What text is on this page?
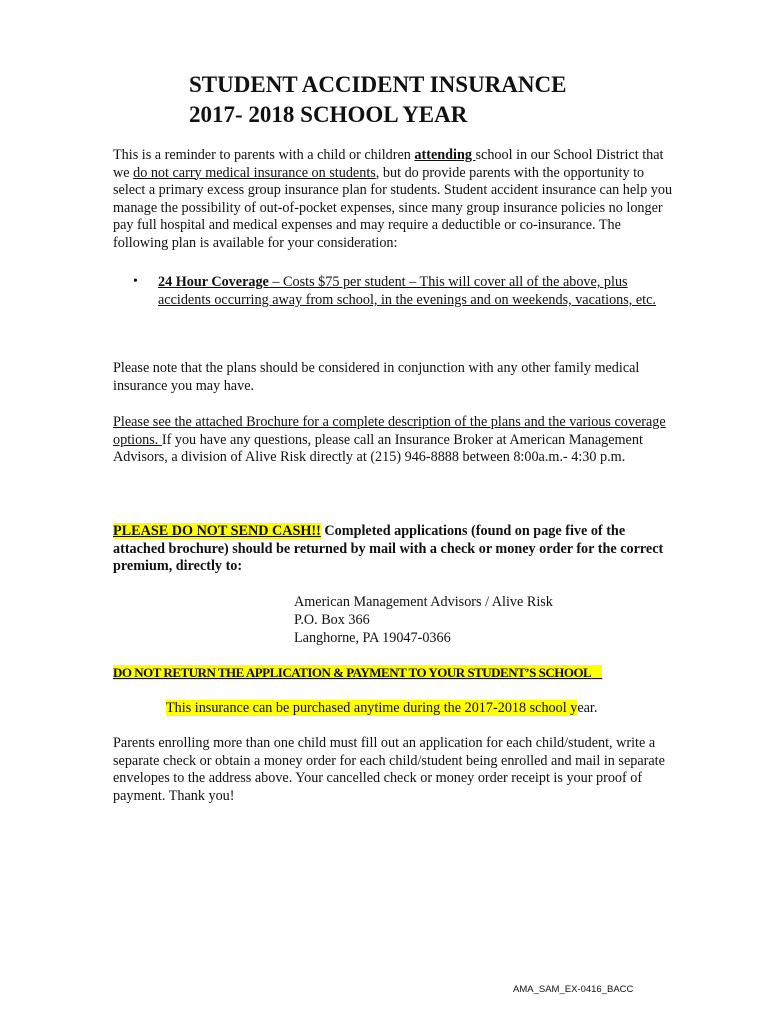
STUDENT ACCIDENT INSURANCE
2017- 2018 SCHOOL YEAR

This is a reminder to parents with a child or children attending school in our School District that we do not carry medical insurance on students, but do provide parents with the opportunity to select a primary excess group insurance plan for students. Student accident insurance can help you manage the possibility of out-of-pocket expenses, since many group insurance policies no longer pay full hospital and medical expenses and may require a deductible or co-insurance. The following plan is available for your consideration:

• 24 Hour Coverage – Costs $75 per student – This will cover all of the above, plus accidents occurring away from school, in the evenings and on weekends, vacations, etc.

Please note that the plans should be considered in conjunction with any other family medical insurance you may have.

Please see the attached Brochure for a complete description of the plans and the various coverage options. If you have any questions, please call an Insurance Broker at American Management Advisors, a division of Alive Risk directly at (215) 946-8888 between 8:00a.m.- 4:30 p.m.

PLEASE DO NOT SEND CASH!! Completed applications (found on page five of the attached brochure) should be returned by mail with a check or money order for the correct premium, directly to:

American Management Advisors / Alive Risk
P.O. Box 366
Langhorne, PA 19047-0366

DO NOT RETURN THE APPLICATION & PAYMENT TO YOUR STUDENT’S SCHOOL

This insurance can be purchased anytime during the 2017-2018 school year.

Parents enrolling more than one child must fill out an application for each child/student, write a separate check or obtain a money order for each child/student being enrolled and mail in separate envelopes to the address above. Your cancelled check or money order receipt is your proof of payment. Thank you!

AMA_SAM_EX-0416_BACC
